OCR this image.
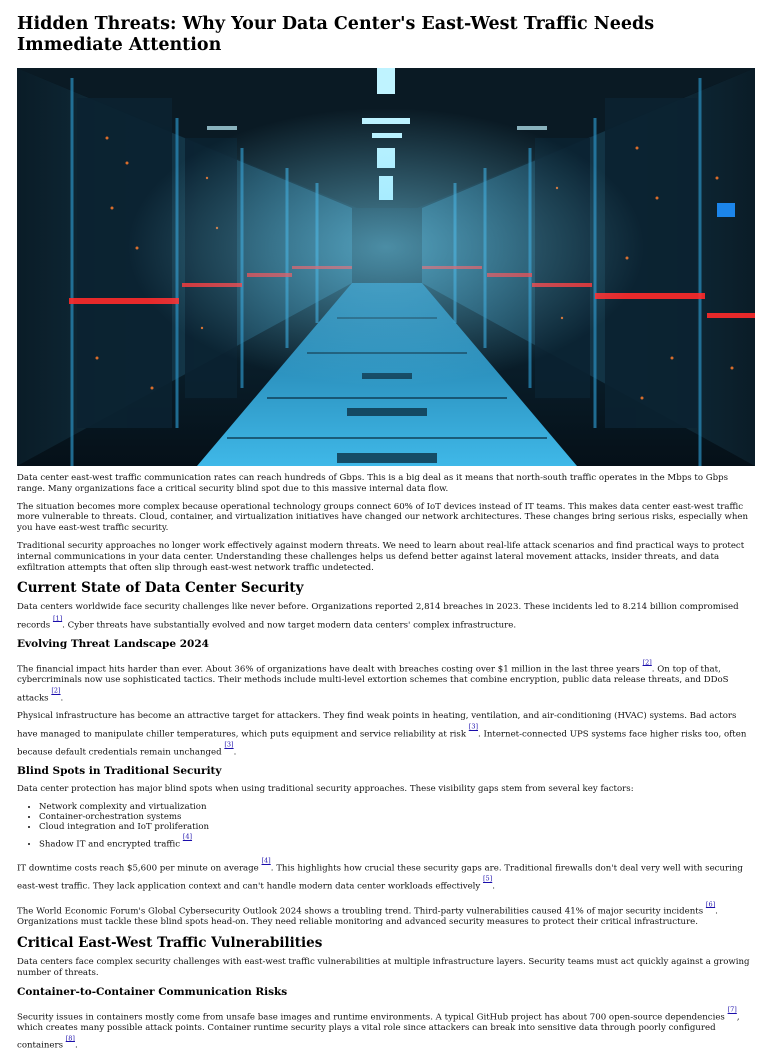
Hidden Threats: Why Your Data Center's East-West Traffic Needs Immediate Attention

Data center east-west traffic communication rates can reach hundreds of Gbps. This is a big deal as it means that north-south traffic operates in the Mbps to Gbps range. Many organizations face a critical security blind spot due to this massive internal data flow.

The situation becomes more complex because operational technology groups connect 60% of IoT devices instead of IT teams. This makes data center east-west traffic more vulnerable to threats. Cloud, container, and virtualization initiatives have changed our network architectures. These changes bring serious risks, especially when you have east-west traffic security.

Traditional security approaches no longer work effectively against modern threats. We need to learn about real-life attack scenarios and find practical ways to protect internal communications in your data center. Understanding these challenges helps us defend better against lateral movement attacks, insider threats, and data exfiltration attempts that often slip through east-west network traffic undetected.

Current State of Data Center Security

Data centers worldwide face security challenges like never before. Organizations reported 2,814 breaches in 2023. These incidents led to 8.214 billion compromised records [1]. Cyber threats have substantially evolved and now target modern data centers' complex infrastructure.

Evolving Threat Landscape 2024

The financial impact hits harder than ever. About 36% of organizations have dealt with breaches costing over $1 million in the last three years [2]. On top of that, cybercriminals now use sophisticated tactics. Their methods include multi-level extortion schemes that combine encryption, public data release threats, and DDoS attacks [2].

Physical infrastructure has become an attractive target for attackers. They find weak points in heating, ventilation, and air-conditioning (HVAC) systems. Bad actors have managed to manipulate chiller temperatures, which puts equipment and service reliability at risk [3]. Internet-connected UPS systems face higher risks too, often because default credentials remain unchanged [3].

Blind Spots in Traditional Security

Data center protection has major blind spots when using traditional security approaches. These visibility gaps stem from several key factors:

• Network complexity and virtualization
• Container-orchestration systems
• Cloud integration and IoT proliferation
• Shadow IT and encrypted traffic [4]

IT downtime costs reach $5,600 per minute on average [4]. This highlights how crucial these security gaps are. Traditional firewalls don't deal very well with securing east-west traffic. They lack application context and can't handle modern data center workloads effectively [5].

The World Economic Forum's Global Cybersecurity Outlook 2024 shows a troubling trend. Third-party vulnerabilities caused 41% of major security incidents [6]. Organizations must tackle these blind spots head-on. They need reliable monitoring and advanced security measures to protect their critical infrastructure.

Critical East-West Traffic Vulnerabilities

Data centers face complex security challenges with east-west traffic vulnerabilities at multiple infrastructure layers. Security teams must act quickly against a growing number of threats.

Container-to-Container Communication Risks

Security issues in containers mostly come from unsafe base images and runtime environments. A typical GitHub project has about 700 open-source dependencies [7], which creates many possible attack points. Container runtime security plays a vital role since attackers can break into sensitive data through poorly configured containers [8].
